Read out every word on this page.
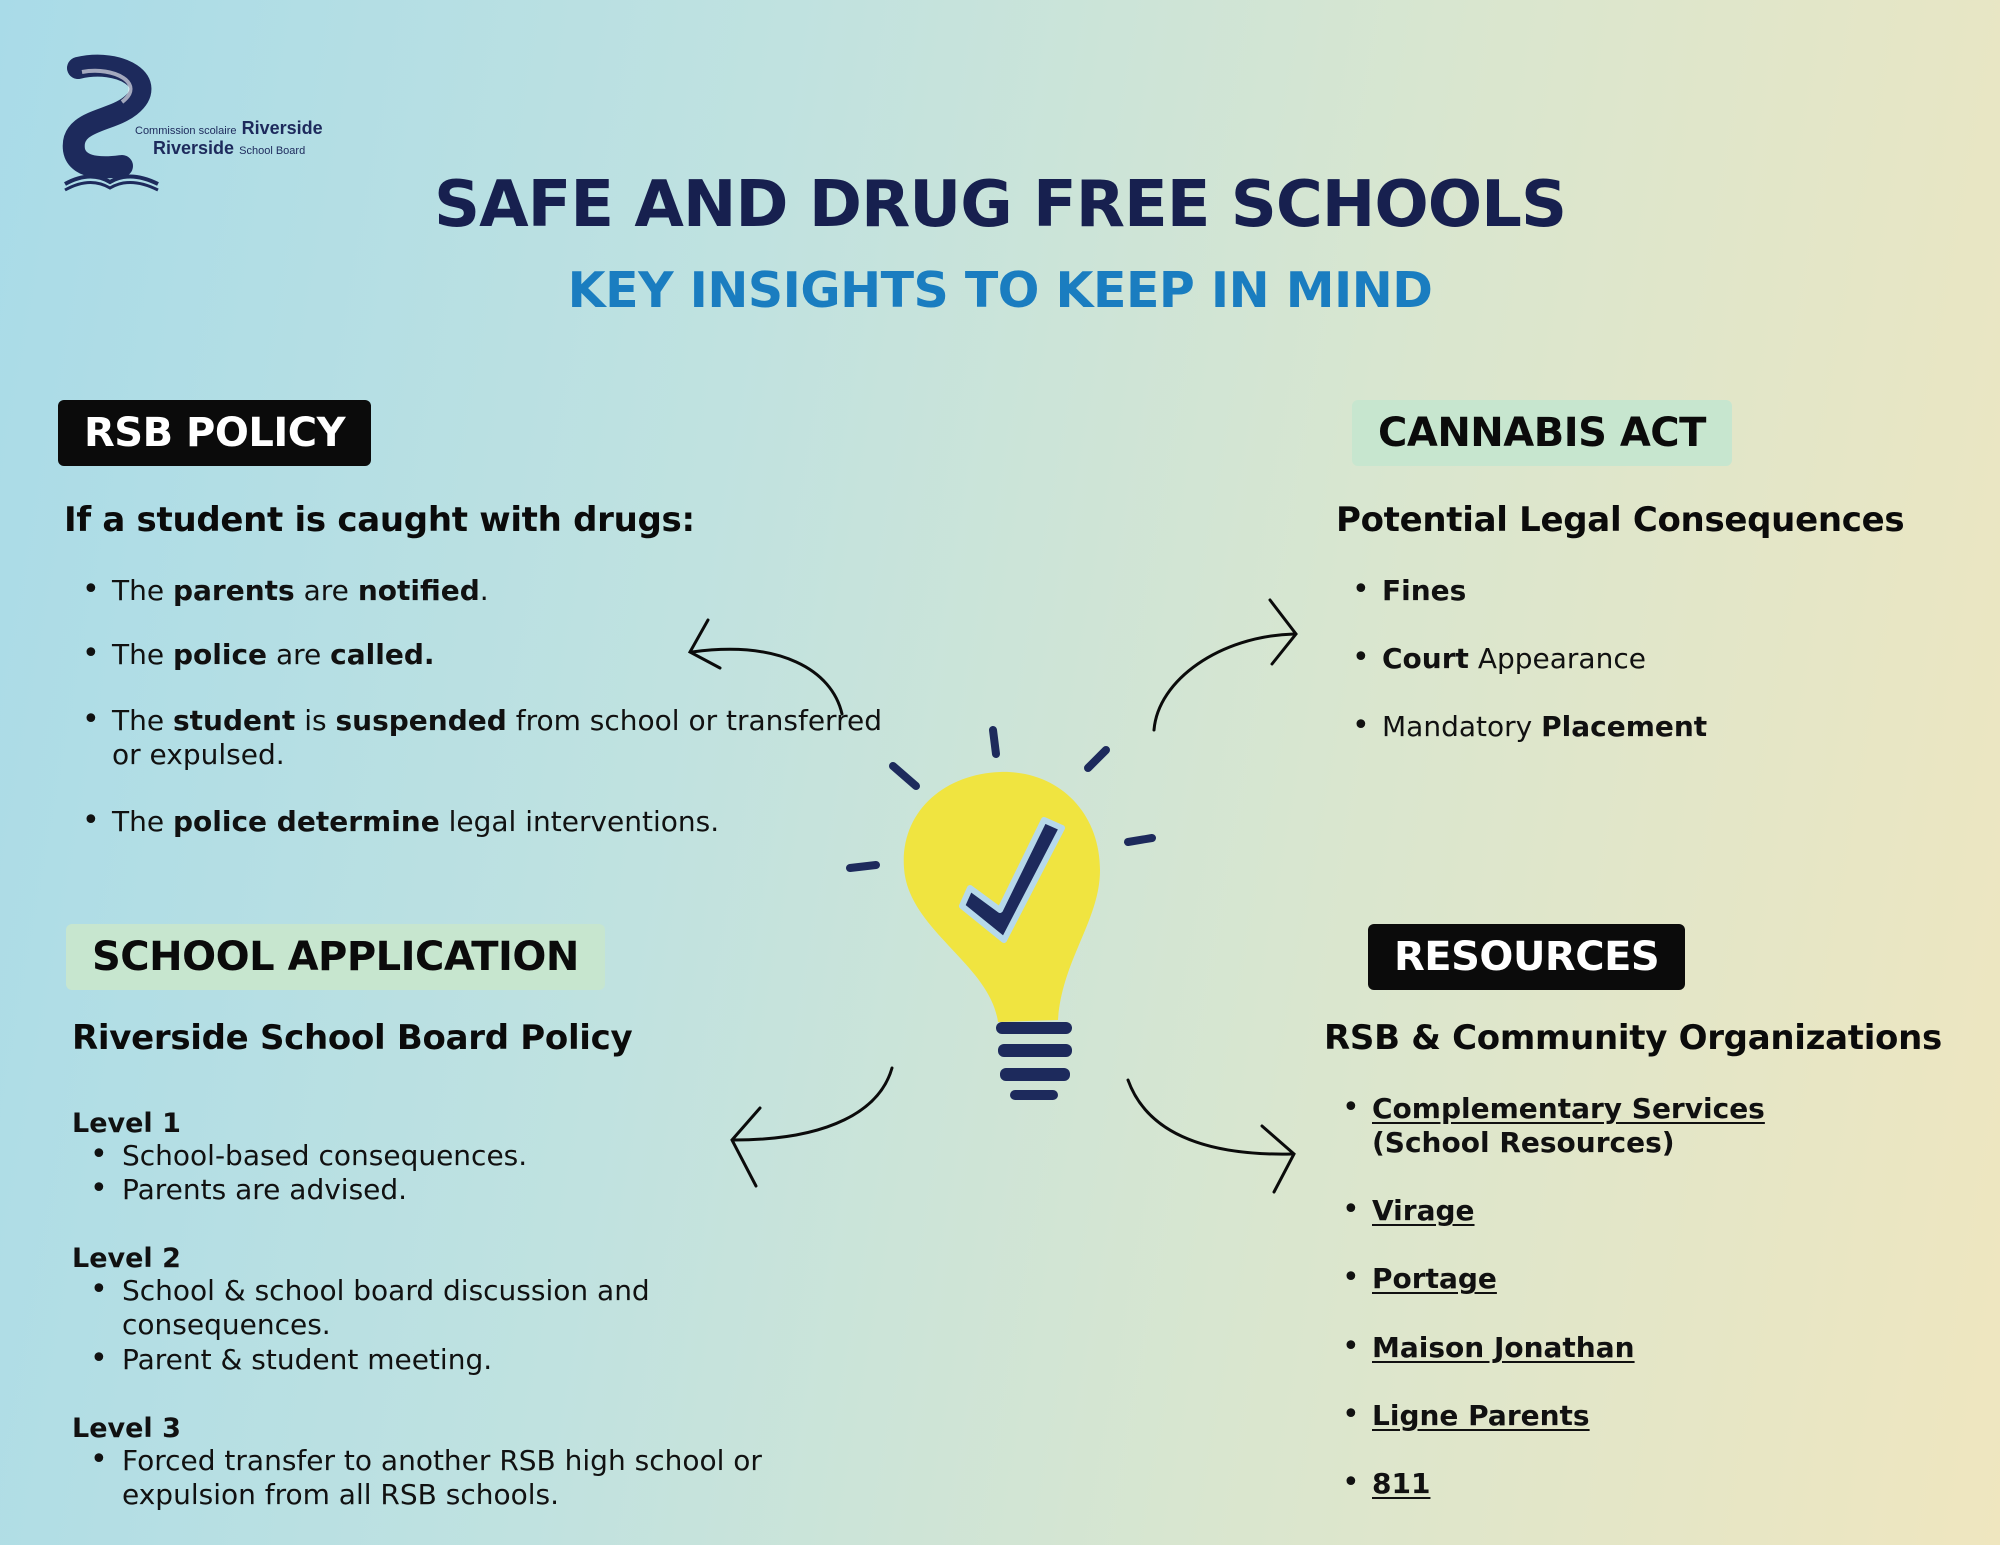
Commission scolaire Riverside
Riverside School Board
SAFE AND DRUG FREE SCHOOLS
KEY INSIGHTS TO KEEP IN MIND
RSB POLICY
If a student is caught with drugs:
• The parents are notified.
• The police are called.
• The student is suspended from school or transferred or expulsed.
• The police determine legal interventions.
CANNABIS ACT
Potential Legal Consequences
• Fines
• Court Appearance
• Mandatory Placement
SCHOOL APPLICATION
Riverside School Board Policy
Level 1
• School-based consequences.
• Parents are advised.
Level 2
• School & school board discussion and consequences.
• Parent & student meeting.
Level 3
• Forced transfer to another RSB high school or expulsion from all RSB schools.
RESOURCES
RSB & Community Organizations
• Complementary Services (School Resources)
• Virage
• Portage
• Maison Jonathan
• Ligne Parents
• 811
